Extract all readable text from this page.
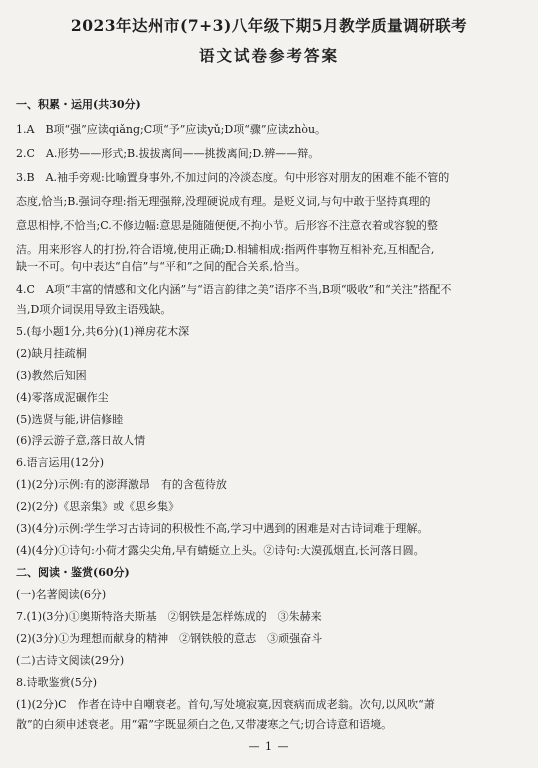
2023年达州市(7+3)八年级下期5月教学质量调研联考
语文试卷参考答案
一、积累・运用(共30分)
1.A　B项“强”应读qiǎng;C项“予”应读yǔ;D项“骤”应读zhòu。
2.C　A.形势——形式;B.拔拔离间——挑拨离间;D.辨——辩。
3.B　A.袖手旁观:比喻置身事外,不加过问的冷淡态度。句中形容对朋友的困难不能不管的
态度,恰当;B.强词夺理:指无理强辩,没理硬说成有理。是贬义词,与句中敢于坚持真理的
意思相悖,不恰当;C.不修边幅:意思是随随便便,不拘小节。后形容不注意衣着或容貌的整
洁。用来形容人的打扮,符合语境,使用正确;D.相辅相成:指两件事物互相补充,互相配合,
缺一不可。句中表达“自信”与“平和”之间的配合关系,恰当。
4.C　A项“丰富的情感和文化内涵”与“语言韵律之美”语序不当,B项“吸收”和“关注”搭配不
当,D项介词误用导致主语残缺。
5.(每小题1分,共6分)(1)禅房花木深
(2)缺月挂疏桐
(3)教然后知困
(4)零落成泥碾作尘
(5)选贤与能,讲信修睦
(6)浮云游子意,落日故人情
6.语言运用(12分)
(1)(2分)示例:有的澎湃激昂　有的含苞待放
(2)(2分)《思亲集》或《思乡集》
(3)(4分)示例:学生学习古诗词的积极性不高,学习中遇到的困难是对古诗词难于理解。
(4)(4分)①诗句:小荷才露尖尖角,早有蜻蜓立上头。②诗句:大漠孤烟直,长河落日圆。
二、阅读・鉴赏(60分)
(一)名著阅读(6分)
7.(1)(3分)①奥斯特洛夫斯基　②钢铁是怎样炼成的　③朱赫来
(2)(3分)①为理想而献身的精神　②钢铁般的意志　③顽强奋斗
(二)古诗文阅读(29分)
8.诗歌鉴赏(5分)
(1)(2分)C　作者在诗中自嘲衰老。首句,写处境寂寞,因衰病而成老翁。次句,以风吹“萧
散”的白须申述衰老。用“霜”字既显须白之色,又带凄寒之气;切合诗意和语境。
— 1 —
